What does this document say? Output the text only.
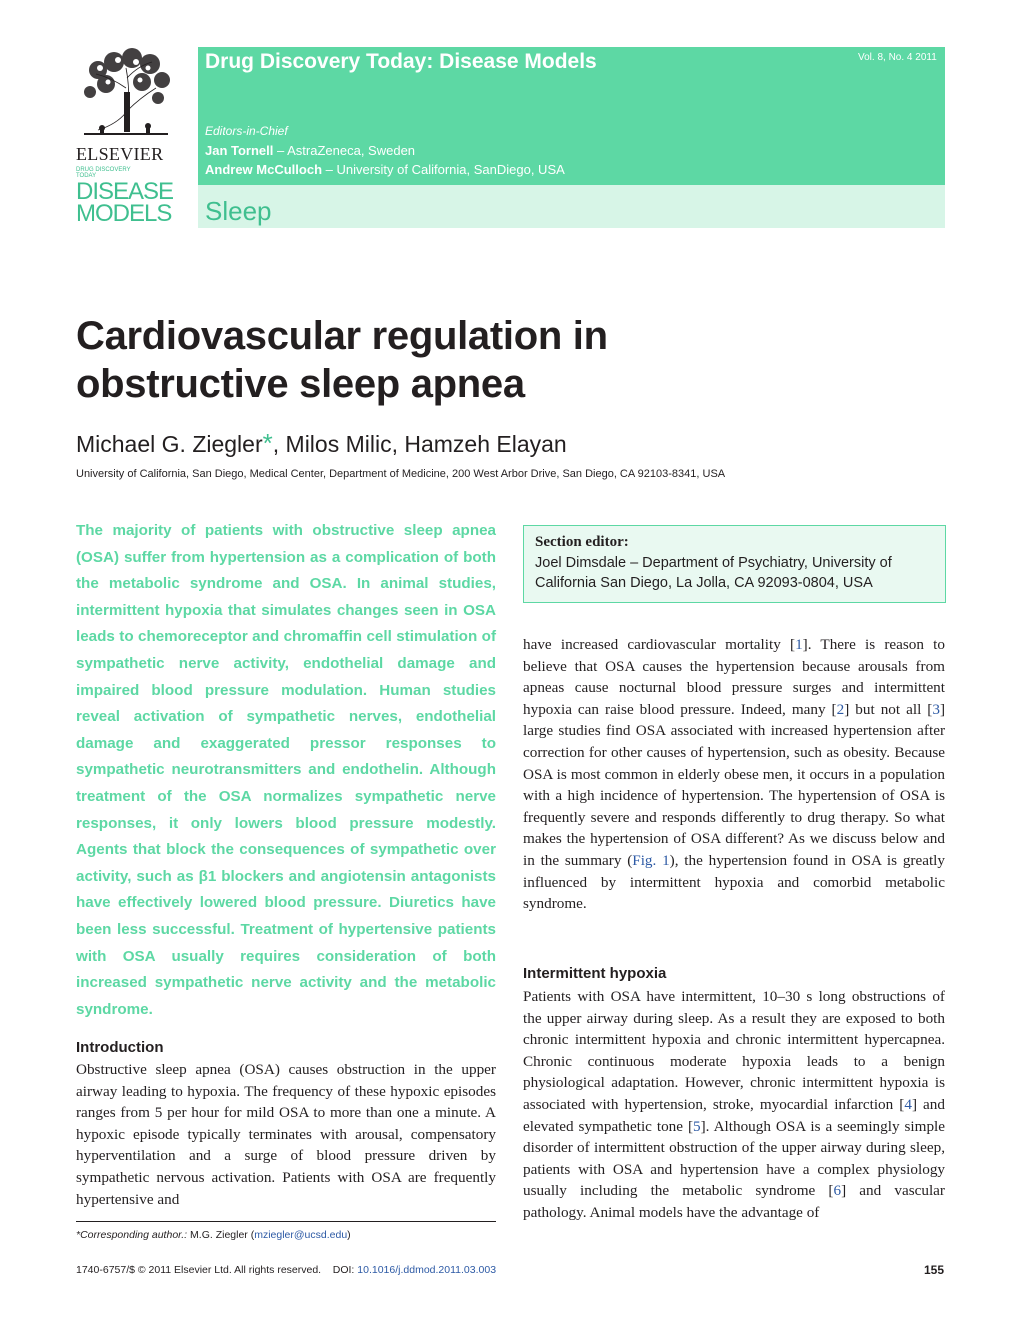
ELSEVIER
DRUG DISCOVERY
TODAY
DISEASE
MODELS
Drug Discovery Today: Disease Models	Vol. 8, No. 4 2011
Editors-in-Chief
Jan Tornell – AstraZeneca, Sweden
Andrew McCulloch – University of California, SanDiego, USA
Sleep
Cardiovascular regulation in
obstructive sleep apnea
Michael G. Ziegler*, Milos Milic, Hamzeh Elayan
University of California, San Diego, Medical Center, Department of Medicine, 200 West Arbor Drive, San Diego, CA 92103-8341, USA
The majority of patients with obstructive sleep apnea (OSA) suffer from hypertension as a complication of both the metabolic syndrome and OSA. In animal studies, intermittent hypoxia that simulates changes seen in OSA leads to chemoreceptor and chromaffin cell stimulation of sympathetic nerve activity, endothelial damage and impaired blood pressure modulation. Human studies reveal activation of sympathetic nerves, endothelial damage and exaggerated pressor responses to sympathetic neurotransmitters and endothelin. Although treatment of the OSA normalizes sympathetic nerve responses, it only lowers blood pressure modestly. Agents that block the consequences of sympathetic over activity, such as β1 blockers and angiotensin antagonists have effectively lowered blood pressure. Diuretics have been less successful. Treatment of hypertensive patients with OSA usually requires consideration of both increased sympathetic nerve activity and the metabolic syndrome.
Section editor:
Joel Dimsdale – Department of Psychiatry, University of California San Diego, La Jolla, CA 92093-0804, USA
Introduction
Obstructive sleep apnea (OSA) causes obstruction in the upper airway leading to hypoxia. The frequency of these hypoxic episodes ranges from 5 per hour for mild OSA to more than one a minute. A hypoxic episode typically terminates with arousal, compensatory hyperventilation and a surge of blood pressure driven by sympathetic nervous activation. Patients with OSA are frequently hypertensive and
have increased cardiovascular mortality [1]. There is reason to believe that OSA causes the hypertension because arousals from apneas cause nocturnal blood pressure surges and intermittent hypoxia can raise blood pressure. Indeed, many [2] but not all [3] large studies find OSA associated with increased hypertension after correction for other causes of hypertension, such as obesity. Because OSA is most common in elderly obese men, it occurs in a population with a high incidence of hypertension. The hypertension of OSA is frequently severe and responds differently to drug therapy. So what makes the hypertension of OSA different? As we discuss below and in the summary (Fig. 1), the hypertension found in OSA is greatly influenced by intermittent hypoxia and comorbid metabolic syndrome.
Intermittent hypoxia
Patients with OSA have intermittent, 10–30 s long obstructions of the upper airway during sleep. As a result they are exposed to both chronic intermittent hypoxia and chronic intermittent hypercapnea. Chronic continuous moderate hypoxia leads to a benign physiological adaptation. However, chronic intermittent hypoxia is associated with hypertension, stroke, myocardial infarction [4] and elevated sympathetic tone [5]. Although OSA is a seemingly simple disorder of intermittent obstruction of the upper airway during sleep, patients with OSA and hypertension have a complex physiology usually including the metabolic syndrome [6] and vascular pathology. Animal models have the advantage of
*Corresponding author.: M.G. Ziegler (mziegler@ucsd.edu)
1740-6757/$ © 2011 Elsevier Ltd. All rights reserved.    DOI: 10.1016/j.ddmod.2011.03.003	155
